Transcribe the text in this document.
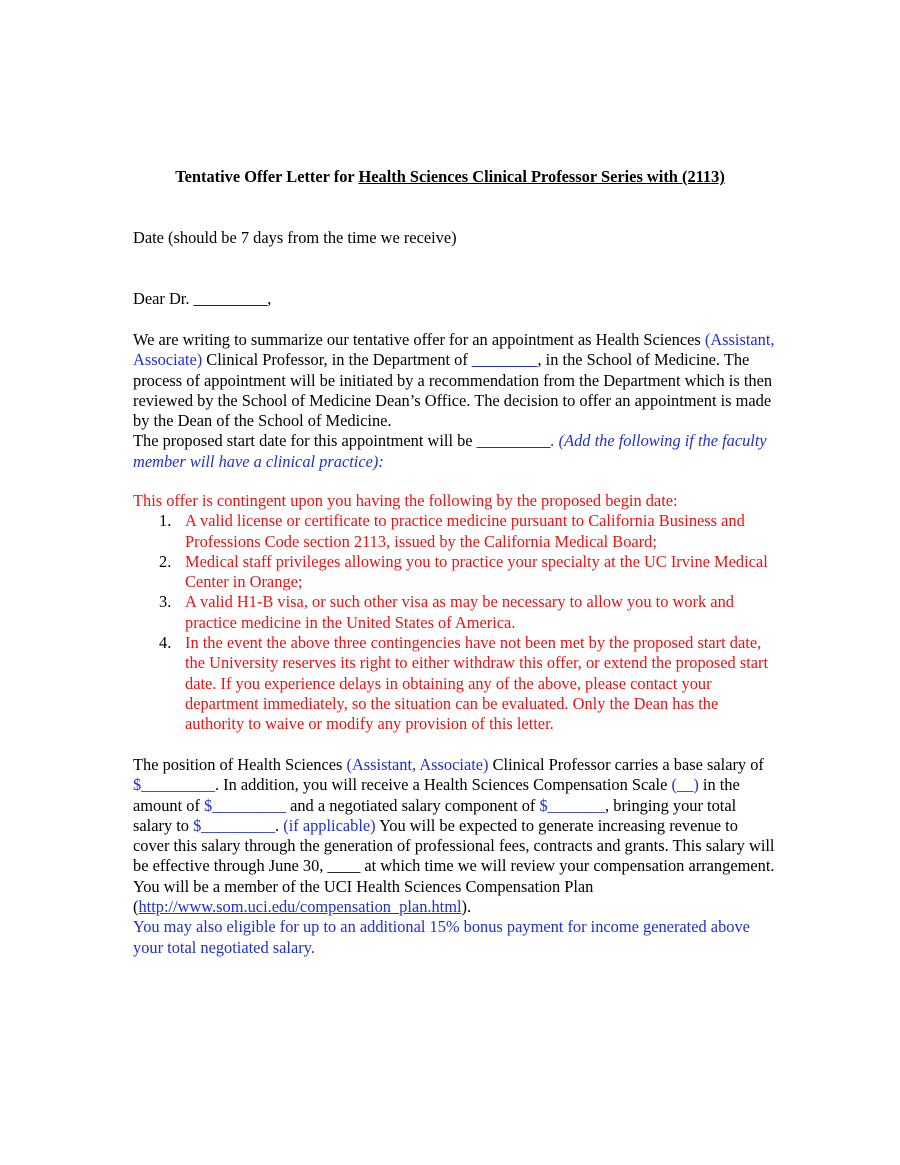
Tentative Offer Letter for Health Sciences Clinical Professor Series with (2113)
Date (should be 7 days from the time we receive)
Dear Dr. _________,
We are writing to summarize our tentative offer for an appointment as Health Sciences (Assistant, Associate) Clinical Professor, in the Department of ________, in the School of Medicine. The process of appointment will be initiated by a recommendation from the Department which is then reviewed by the School of Medicine Dean’s Office. The decision to offer an appointment is made by the Dean of the School of Medicine.
The proposed start date for this appointment will be _________. (Add the following if the faculty member will have a clinical practice):
This offer is contingent upon you having the following by the proposed begin date:
1. A valid license or certificate to practice medicine pursuant to California Business and Professions Code section 2113, issued by the California Medical Board;
2. Medical staff privileges allowing you to practice your specialty at the UC Irvine Medical Center in Orange;
3. A valid H1-B visa, or such other visa as may be necessary to allow you to work and practice medicine in the United States of America.
4. In the event the above three contingencies have not been met by the proposed start date, the University reserves its right to either withdraw this offer, or extend the proposed start date. If you experience delays in obtaining any of the above, please contact your department immediately, so the situation can be evaluated. Only the Dean has the authority to waive or modify any provision of this letter.
The position of Health Sciences (Assistant, Associate) Clinical Professor carries a base salary of $_________. In addition, you will receive a Health Sciences Compensation Scale (__) in the amount of $_________ and a negotiated salary component of $_______, bringing your total salary to $_________. (if applicable) You will be expected to generate increasing revenue to cover this salary through the generation of professional fees, contracts and grants. This salary will be effective through June 30, ____ at which time we will review your compensation arrangement. You will be a member of the UCI Health Sciences Compensation Plan (http://www.som.uci.edu/compensation_plan.html).
You may also eligible for up to an additional 15% bonus payment for income generated above your total negotiated salary.
